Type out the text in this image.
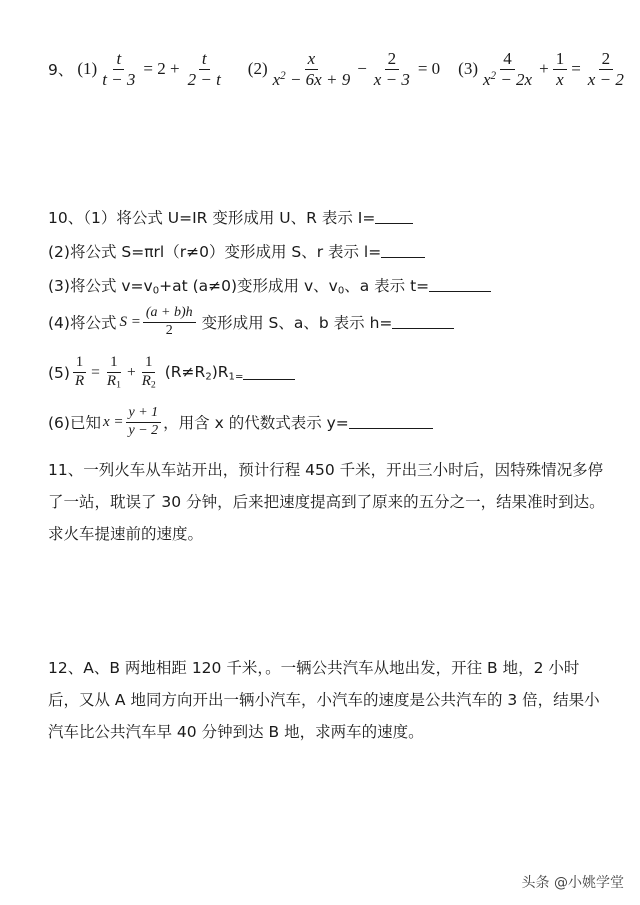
9、 $(1) \frac{t}{t - 3} = 2 + \frac{t}{2 - t} (2) \frac{x}{x^2 - 6x + 9} - \frac{2}{x - 3} = 0$ $(3) \frac{4}{x^2 - 2x} + \frac{1}{x} = \frac{2}{x - 2}$
10、（1）将公式 U=IR 变形成用 U、R 表示 I=
(2)将公式 S=πrl（r≠0）变形成用 S、r 表示 l=
(3)将公式 $v=v_0+at$ (a≠0)变形成用 v、$v_0$、a 表示 t=
(4)将公式 $S = \frac{(a + b)h}{2}$ 变形成用 S、a、b 表示 h=
$(5) \frac{1}{R} = \frac{1}{R_1} + \frac{1}{R_2} (R\ne R_2)R_{1=}$
(6)已知 $x = \frac{y + 1}{y - 2}$ ，用含 x 的代数式表示 y=
11、一列火车从车站开出，预计行程 450 千米，开出三小时后，因特殊情况多停了一站，耽误了 30 分钟，后来把速度提高到了原来的五分之一，结果准时到达。求火车提速前的速度。
12、A、B 两地相距 120 千米，。一辆公共汽车从地出发，开往 B 地，2 小时后，又从 A 地同方向开出一辆小汽车，小汽车的速度是公共汽车的 3 倍，结果小汽车比公共汽车早 40 分钟到达 B 地，求两车的速度。
头条 @小姚学堂
